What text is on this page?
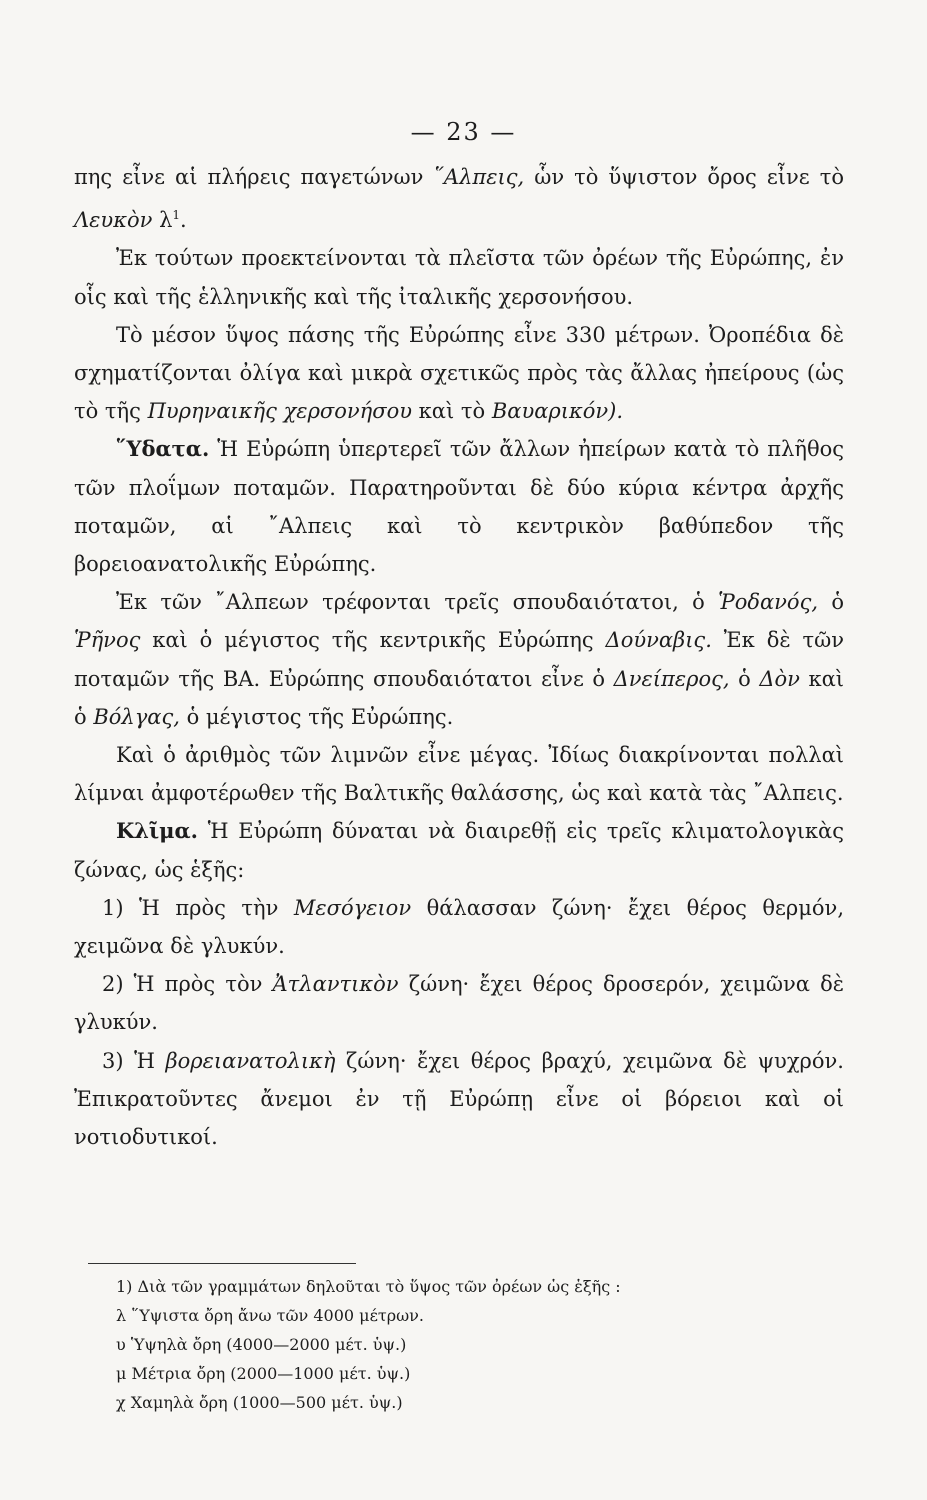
— 23 —

πης εἶνε αἱ πλήρεις παγετώνων ῞Αλπεις, ὧν τὸ ὕψιστον ὄρος εἶνε τὸ Λευκὸν $\lambda^1$.

Ἐκ τούτων προεκτείνονται τὰ πλεῖστα τῶν ὀρέων τῆς Εὐρώπης, ἐν οἷς καὶ τῆς ἑλληνικῆς καὶ τῆς ἰταλικῆς χερσονήσου.

Τὸ μέσον ὕψος πάσης τῆς Εὐρώπης εἶνε 330 μέτρων. Ὀροπέδια δὲ σχηματίζονται ὀλίγα καὶ μικρὰ σχετικῶς πρὸς τὰς ἄλλας ἠπείρους (ὡς τὸ τῆς Πυρηναικῆς χερσονήσου καὶ τὸ Βαυαρικόν).

῞Υδατα. Ἡ Εὐρώπη ὑπερτερεῖ τῶν ἄλλων ἠπείρων κατὰ τὸ πλῆθος τῶν πλοΐμων ποταμῶν. Παρατηροῦνται δὲ δύο κύρια κέντρα ἀρχῆς ποταμῶν, αἱ ῎Αλπεις καὶ τὸ κεντρικὸν βαθύπεδον τῆς βορειοανατολικῆς Εὐρώπης.

Ἐκ τῶν ῎Αλπεων τρέφονται τρεῖς σπουδαιότατοι, ὁ Ῥοδανός, ὁ Ῥῆνος καὶ ὁ μέγιστος τῆς κεντρικῆς Εὐρώπης Δούναβις. Ἐκ δὲ τῶν ποταμῶν τῆς ΒΑ. Εὐρώπης σπουδαιότατοι εἶνε ὁ Δνείπερος, ὁ Δὸν καὶ ὁ Βόλγας, ὁ μέγιστος τῆς Εὐρώπης.

Καὶ ὁ ἀριθμὸς τῶν λιμνῶν εἶνε μέγας. Ἰδίως διακρίνονται πολλαὶ λίμναι ἀμφοτέρωθεν τῆς Βαλτικῆς θαλάσσης, ὡς καὶ κατὰ τὰς ῎Αλπεις.

Κλῖμα. Ἡ Εὐρώπη δύναται νὰ διαιρεθῇ εἰς τρεῖς κλιματολογικὰς ζώνας, ὡς ἑξῆς:

1) Ἡ πρὸς τὴν Μεσόγειον θάλασσαν ζώνη· ἔχει θέρος θερμόν, χειμῶνα δὲ γλυκύν.

2) Ἡ πρὸς τὸν Ἀτλαντικὸν ζώνη· ἔχει θέρος δροσερόν, χειμῶνα δὲ γλυκύν.

3) Ἡ βορειανατολικὴ ζώνη· ἔχει θέρος βραχύ, χειμῶνα δὲ ψυχρόν. Ἐπικρατοῦντες ἄνεμοι ἐν τῇ Εὐρώπῃ εἶνε οἱ βόρειοι καὶ οἱ νοτιοδυτικοί.

1) Διὰ τῶν γραμμάτων δηλοῦται τὸ ὕψος τῶν ὀρέων ὡς ἑξῆς :

λ ῞Υψιστα ὄρη ἄνω τῶν 4000 μέτρων.

υ Ὑψηλὰ ὄρη (4000—2000 μέτ. ὑψ.)

μ Μέτρια ὄρη (2000—1000 μέτ. ὑψ.)

χ Χαμηλὰ ὄρη (1000—500 μέτ. ὑψ.)
